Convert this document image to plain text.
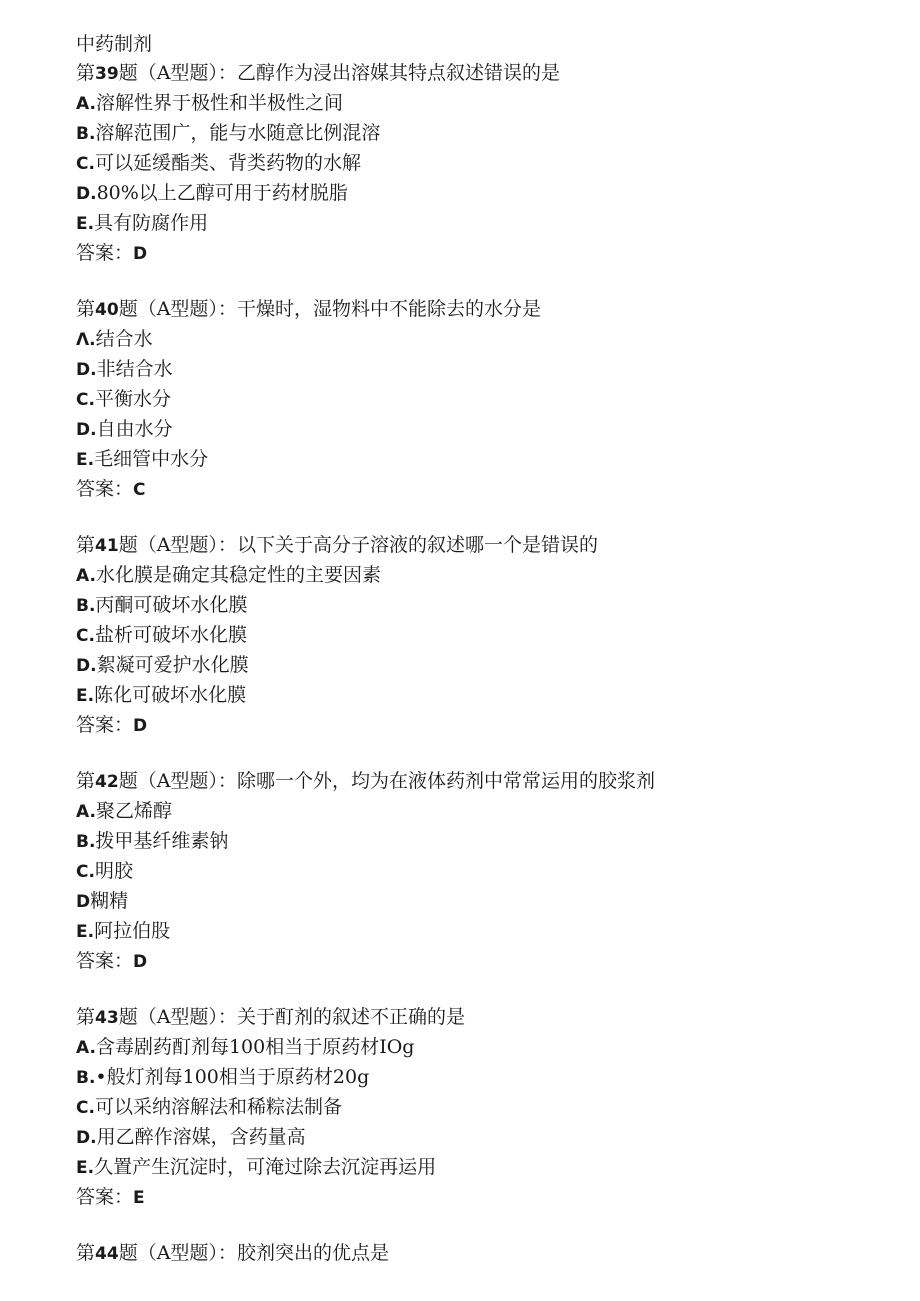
中药制剂
第39题（A型题）：乙醇作为浸出溶媒其特点叙述错误的是
A.溶解性界于极性和半极性之间
B.溶解范围广，能与水随意比例混溶
C.可以延缓酯类、背类药物的水解
D.80%以上乙醇可用于药材脱脂
E.具有防腐作用
答案：D
第40题（A型题）：干燥时，湿物料中不能除去的水分是
Λ.结合水
D.非结合水
C.平衡水分
D.自由水分
E.毛细管中水分
答案：C
第41题（A型题）：以下关于高分子溶液的叙述哪一个是错误的
A.水化膜是确定其稳定性的主要因素
B.丙酮可破坏水化膜
C.盐析可破坏水化膜
D.絮凝可爱护水化膜
E.陈化可破坏水化膜
答案：D
第42题（A型题）：除哪一个外，均为在液体药剂中常常运用的胶浆剂
A.聚乙烯醇
B.拨甲基纤维素钠
C.明胶
D糊精
E.阿拉伯股
答案：D
第43题（A型题）：关于酊剂的叙述不正确的是
A.含毒剧药酊剂每100相当于原药材IOg
B.•般灯剂每100相当于原药材20g
C.可以采纳溶解法和稀粽法制备
D.用乙醉作溶媒，含药量高
E.久置产生沉淀时，可淹过除去沉淀再运用
答案：E
第44题（A型题）：胶剂突出的优点是
